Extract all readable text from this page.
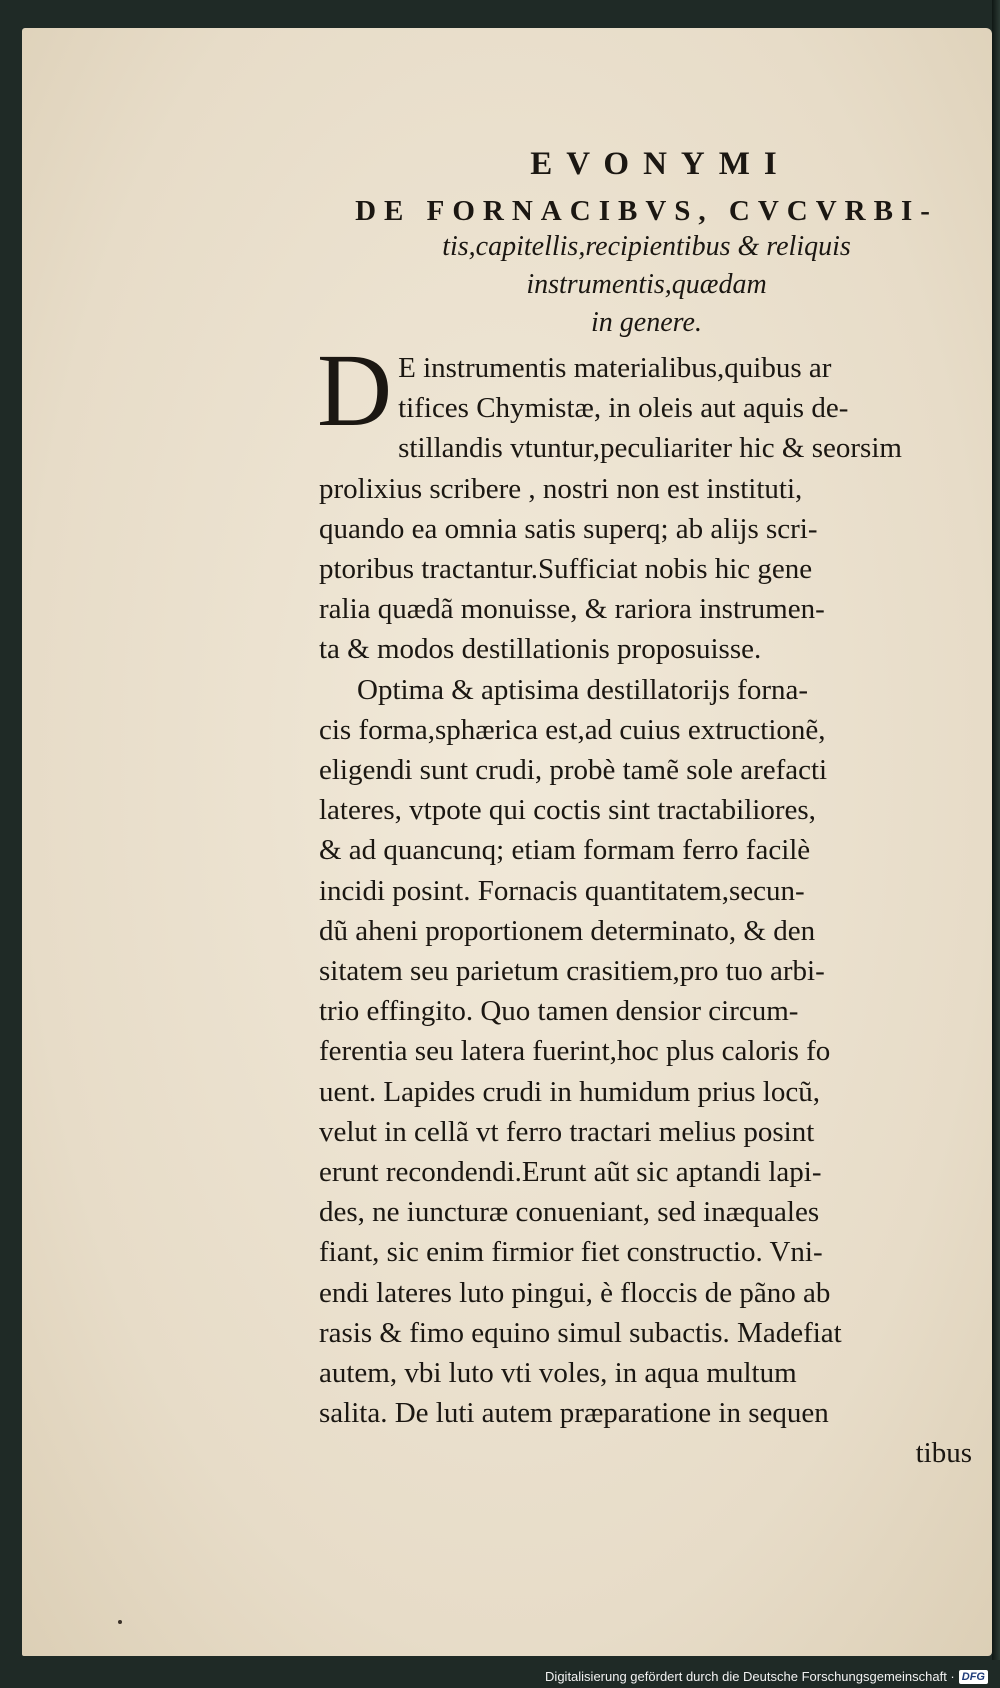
EVONYMI
DE FORNACIBVS, CVCVRBI-

tis,capitellis,recipientibus & reliquis

instrumentis,quædam

in genere.

D E instrumentis materialibus,quibus ar

tifices Chymistæ, in oleis aut aquis de-

stillandis vtuntur,peculiariter hic & seorsim

prolixius scribere , nostri non est instituti,

quando ea omnia satis superq; ab alijs scri-

ptoribus tractantur.Sufficiat nobis hic gene

ralia quædã monuisse, & rariora instrumen-

ta & modos destillationis proposuisse.

Optima & aptisima destillatorijs forna-

cis forma,sphærica est,ad cuius extructionẽ,

eligendi sunt crudi, probè tamẽ sole arefacti

lateres, vtpote qui coctis sint tractabiliores,

& ad quancunq; etiam formam ferro facilè

incidi posint. Fornacis quantitatem,secun-

dũ aheni proportionem determinato, & den

sitatem seu parietum crasitiem,pro tuo arbi-

trio effingito. Quo tamen densior circum-

ferentia seu latera fuerint,hoc plus caloris fo

uent. Lapides crudi in humidum prius locũ,

velut in cellã vt ferro tractari melius posint

erunt recondendi.Erunt aũt sic aptandi lapi-

des, ne iuncturæ conueniant, sed inæquales

fiant, sic enim firmior fiet constructio. Vni-

endi lateres luto pingui, è floccis de pãno ab

rasis & fimo equino simul subactis. Madefiat

autem, vbi luto vti voles, in aqua multum

salita. De luti autem præparatione in sequen

tibus

Digitalisierung gefördert durch die Deutsche Forschungsgemeinschaft · DFG
